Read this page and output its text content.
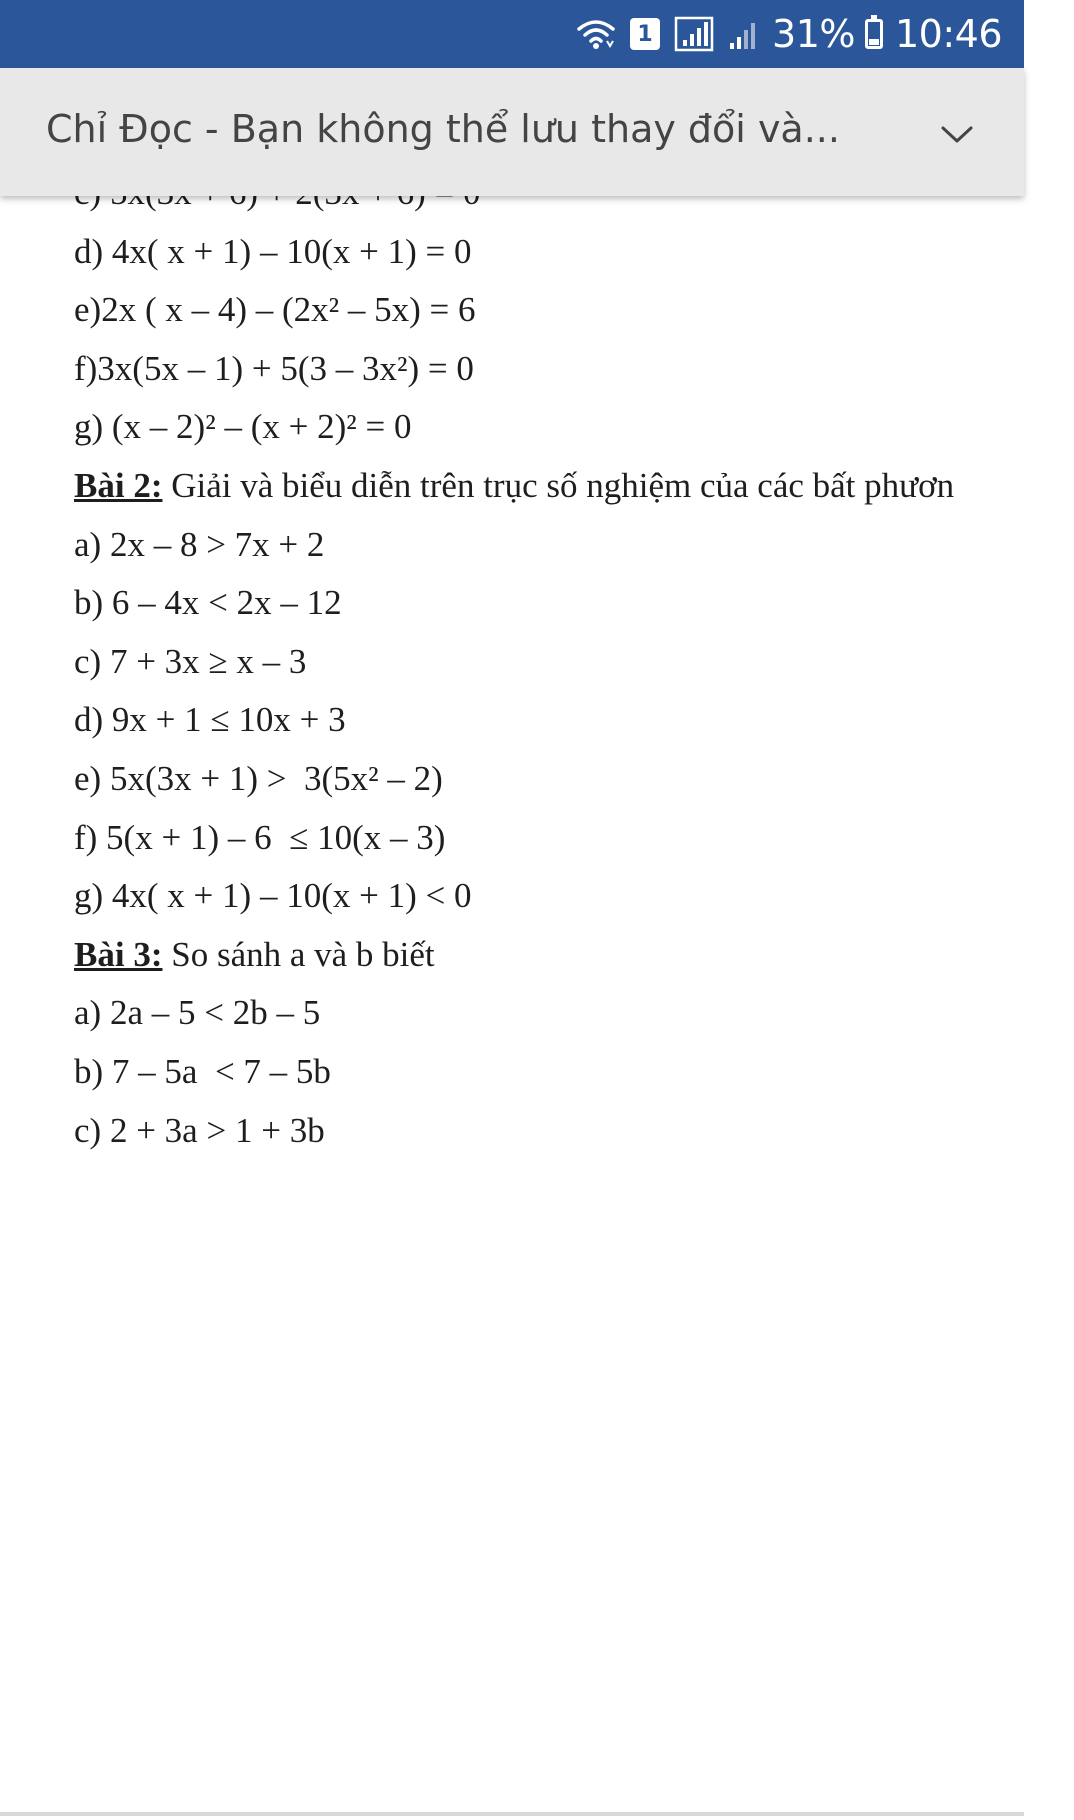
1	31% 10:46
Chỉ Đọc - Bạn không thể lưu thay đổi và...
d) 4x( x + 1) – 10(x + 1) = 0
e)2x ( x – 4) – (2x² – 5x) = 6
f)3x(5x – 1) + 5(3 – 3x²) = 0
g) (x – 2)² – (x + 2)² = 0
Bài 2: Giải và biểu diễn trên trục số nghiệm của các bất phươn
a) 2x – 8 > 7x + 2
b) 6 – 4x < 2x – 12
c) 7 + 3x ≥ x – 3
d) 9x + 1 ≤ 10x + 3
e) 5x(3x + 1) >  3(5x² – 2)
f) 5(x + 1) – 6  ≤ 10(x – 3)
g) 4x( x + 1) – 10(x + 1) < 0
Bài 3: So sánh a và b biết
a) 2a – 5 < 2b – 5
b) 7 – 5a  < 7 – 5b
c) 2 + 3a > 1 + 3b
